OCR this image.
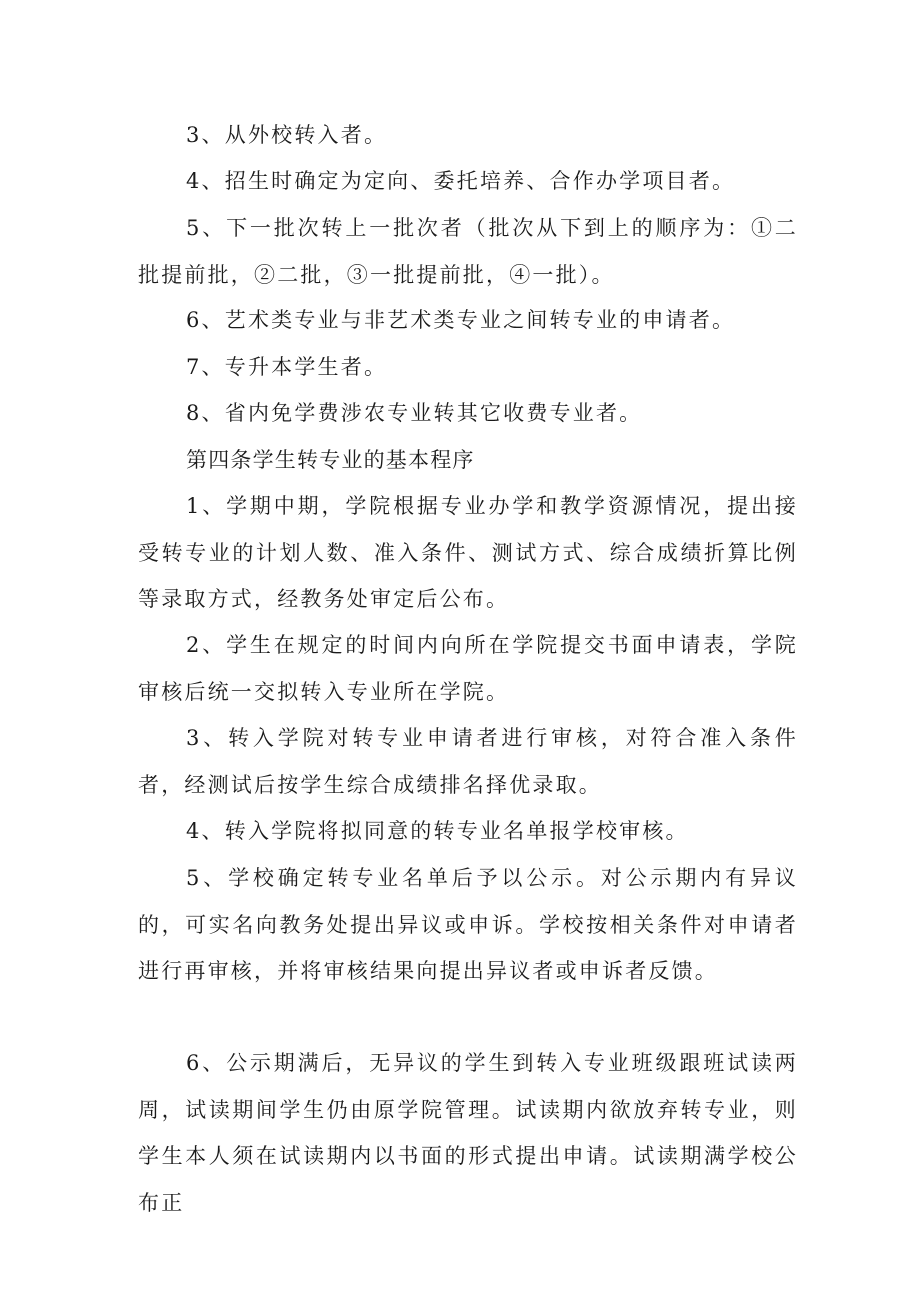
3、从外校转入者。

4、招生时确定为定向、委托培养、合作办学项目者。

5、下一批次转上一批次者（批次从下到上的顺序为：①二批提前批，②二批，③一批提前批，④一批）。

6、艺术类专业与非艺术类专业之间转专业的申请者。

7、专升本学生者。

8、省内免学费涉农专业转其它收费专业者。

第四条学生转专业的基本程序

1、学期中期，学院根据专业办学和教学资源情况，提出接受转专业的计划人数、准入条件、测试方式、综合成绩折算比例等录取方式，经教务处审定后公布。

2、学生在规定的时间内向所在学院提交书面申请表，学院审核后统一交拟转入专业所在学院。

3、转入学院对转专业申请者进行审核，对符合准入条件者，经测试后按学生综合成绩排名择优录取。

4、转入学院将拟同意的转专业名单报学校审核。

5、学校确定转专业名单后予以公示。对公示期内有异议的，可实名向教务处提出异议或申诉。学校按相关条件对申请者进行再审核，并将审核结果向提出异议者或申诉者反馈。

6、公示期满后，无异议的学生到转入专业班级跟班试读两周，试读期间学生仍由原学院管理。试读期内欲放弃转专业，则学生本人须在试读期内以书面的形式提出申请。试读期满学校公布正
